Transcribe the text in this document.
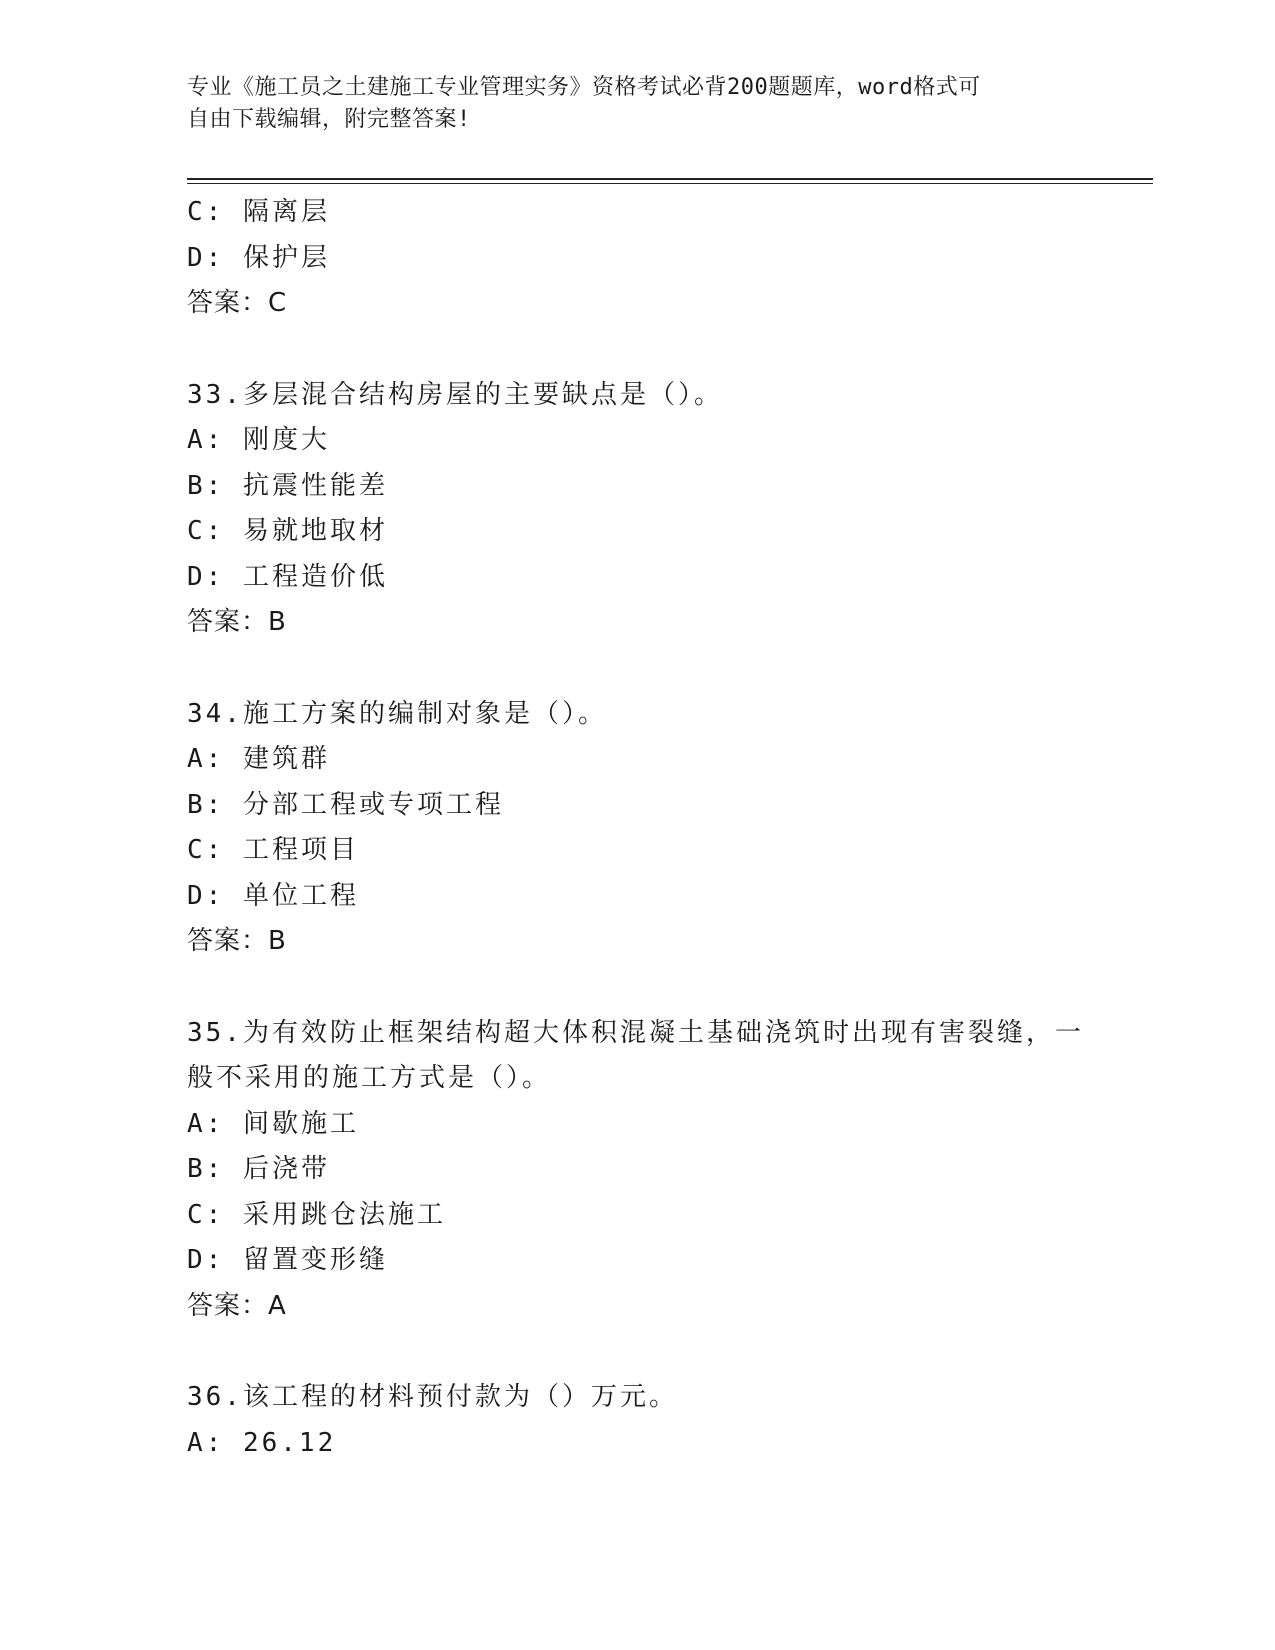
专业《施工员之土建施工专业管理实务》资格考试必背200题题库，word格式可
自由下载编辑，附完整答案!
C: 隔离层
D: 保护层
答案：C
33.多层混合结构房屋的主要缺点是（）。
A: 刚度大
B: 抗震性能差
C: 易就地取材
D: 工程造价低
答案：B
34.施工方案的编制对象是（）。
A: 建筑群
B: 分部工程或专项工程
C: 工程项目
D: 单位工程
答案：B
35.为有效防止框架结构超大体积混凝土基础浇筑时出现有害裂缝，一
般不采用的施工方式是（）。
A: 间歇施工
B: 后浇带
C: 采用跳仓法施工
D: 留置变形缝
答案：A
36.该工程的材料预付款为（）万元。
A: 26.12
